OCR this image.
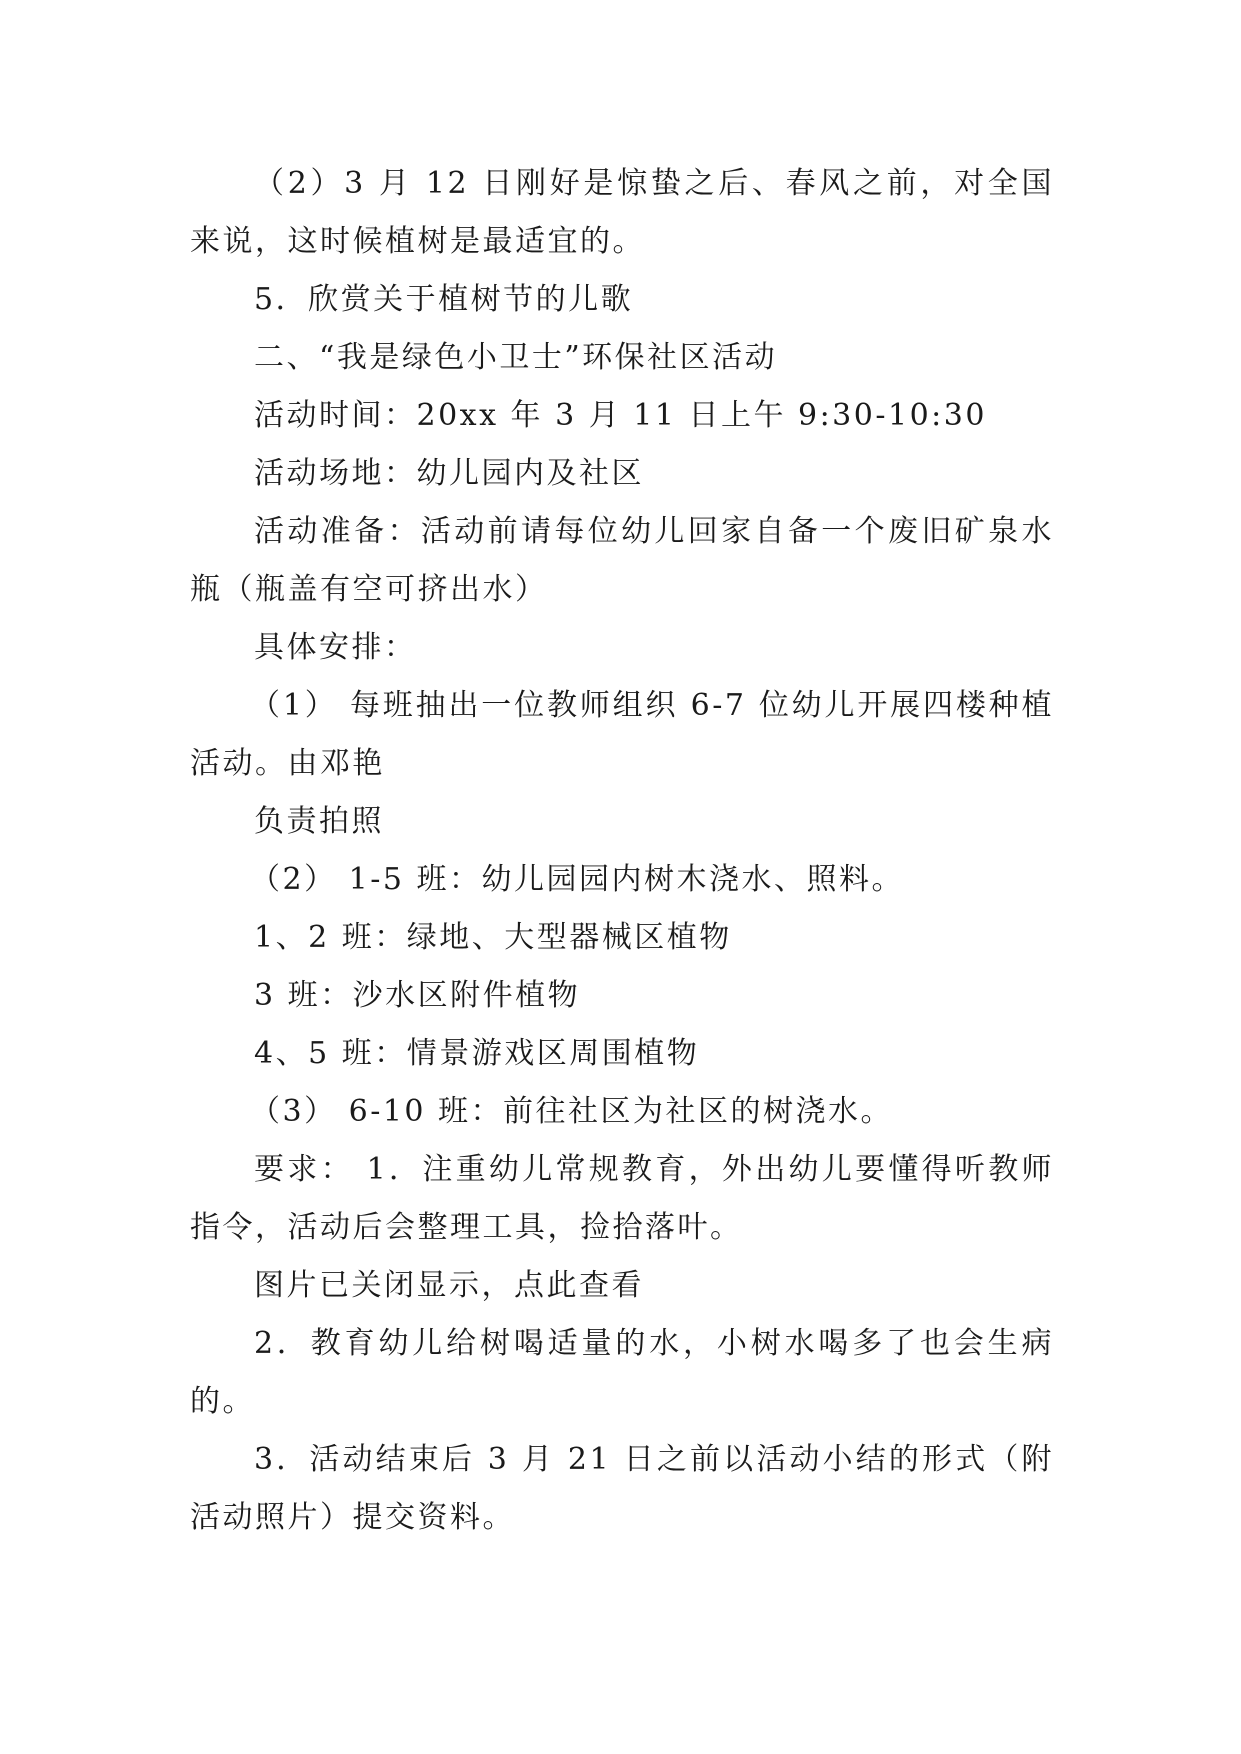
（2）3 月 12 日刚好是惊蛰之后、春风之前，对全国来说，这时候植树是最适宜的。

5．欣赏关于植树节的儿歌

二、“我是绿色小卫士”环保社区活动

活动时间：20xx 年 3 月 11 日上午 9:30-10:30

活动场地：幼儿园内及社区

活动准备：活动前请每位幼儿回家自备一个废旧矿泉水瓶（瓶盖有空可挤出水）

具体安排：

（1） 每班抽出一位教师组织 6-7 位幼儿开展四楼种植活动。由邓艳

负责拍照

（2） 1-5 班：幼儿园园内树木浇水、照料。

1、2 班：绿地、大型器械区植物

3 班：沙水区附件植物

4、5 班：情景游戏区周围植物

（3） 6-10 班：前往社区为社区的树浇水。

要求： 1．注重幼儿常规教育，外出幼儿要懂得听教师指令，活动后会整理工具，捡拾落叶。

图片已关闭显示，点此查看

2．教育幼儿给树喝适量的水，小树水喝多了也会生病的。

3．活动结束后 3 月 21 日之前以活动小结的形式（附活动照片）提交资料。
